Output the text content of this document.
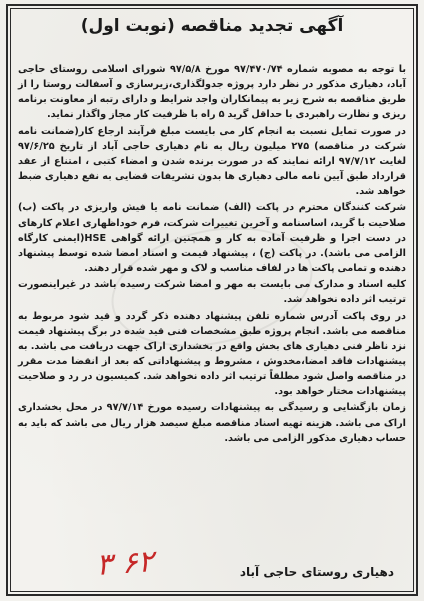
آگهی تجدید مناقصه (نوبت اول)

با توجه به مصوبه شماره ۹۷/۴۷۰/۷۴ مورخ ۹۷/۵/۸ شورای اسلامی روستای حاجی آباد، دهیاری مذکور در نظر دارد پروژه جدولگذاری،زیرسازی و آسفالت روستا را از طریق مناقصه به شرح زیر به پیمانکاران واجد شرایط و دارای رتبه از معاونت برنامه ریزی و نظارت راهبردی با حداقل گرید ۵ راه با ظرفیت کار مجاز واگذار نماید.

در صورت تمایل نسبت به انجام کار می بایست مبلغ فرآیند ارجاع کار(ضمانت نامه شرکت در مناقصه) ۲۷۵ میلیون ریال به نام دهیاری حاجی آباد از تاریخ ۹۷/۶/۲۵ لغایت ۹۷/۷/۱۲ ارائه نمایند که در صورت برنده شدن و امضاء کتبی ، امتناع از عقد قرارداد طبق آیین نامه مالی دهیاری ها بدون تشریفات قضایی به نفع دهیاری ضبط خواهد شد.

شرکت کنندگان محترم در پاکت (الف) ضمانت نامه یا فیش واریزی در پاکت (ب) صلاحیت با گرید، اساسنامه و آخرین تغییرات شرکت، فرم خوداظهاری اعلام کارهای در دست اجرا و ظرفیت آماده به کار و همچنین ارائه گواهی HSE(ایمنی کارگاه الزامی می باشد). در پاکت (ج) ، پیشنهاد قیمت و اسناد امضا شده توسط پیشنهاد دهنده و تمامی پاکت ها در لفاف مناسب و لاک و مهر شده قرار دهند.

کلیه اسناد و مدارک می بایست به مهر و امضا شرکت رسیده باشد در غیراینصورت ترتیب اثر داده نخواهد شد.

در روی پاکت آدرس شماره تلفن پیشنهاد دهنده ذکر گردد و قید شود مربوط به مناقصه می باشد. انجام پروژه طبق مشخصات فنی قید شده در برگ پیشنهاد قیمت نزد ناظر فنی دهیاری های بخش واقع در بخشداری اراک جهت دریافت می باشد. به پیشنهادات فاقد امضا،مخدوش ، مشروط و پیشنهاداتی که بعد از انقضا مدت مقرر در مناقصه واصل شود مطلقاً ترتیب اثر داده نخواهد شد. کمیسیون در رد و صلاحیت پیشنهادات مختار خواهد بود.

زمان بازگشایی و رسیدگی به پیشنهادات رسیده مورخ ۹۷/۷/۱۴ در محل بخشداری اراک می باشد. هزینه تهیه اسناد مناقصه مبلغ سیصد هزار ریال می باشد که باید به حساب دهیاری مذکور الزامی می باشد.

دهیاری روستای حاجی آباد
۳ ۶۲
